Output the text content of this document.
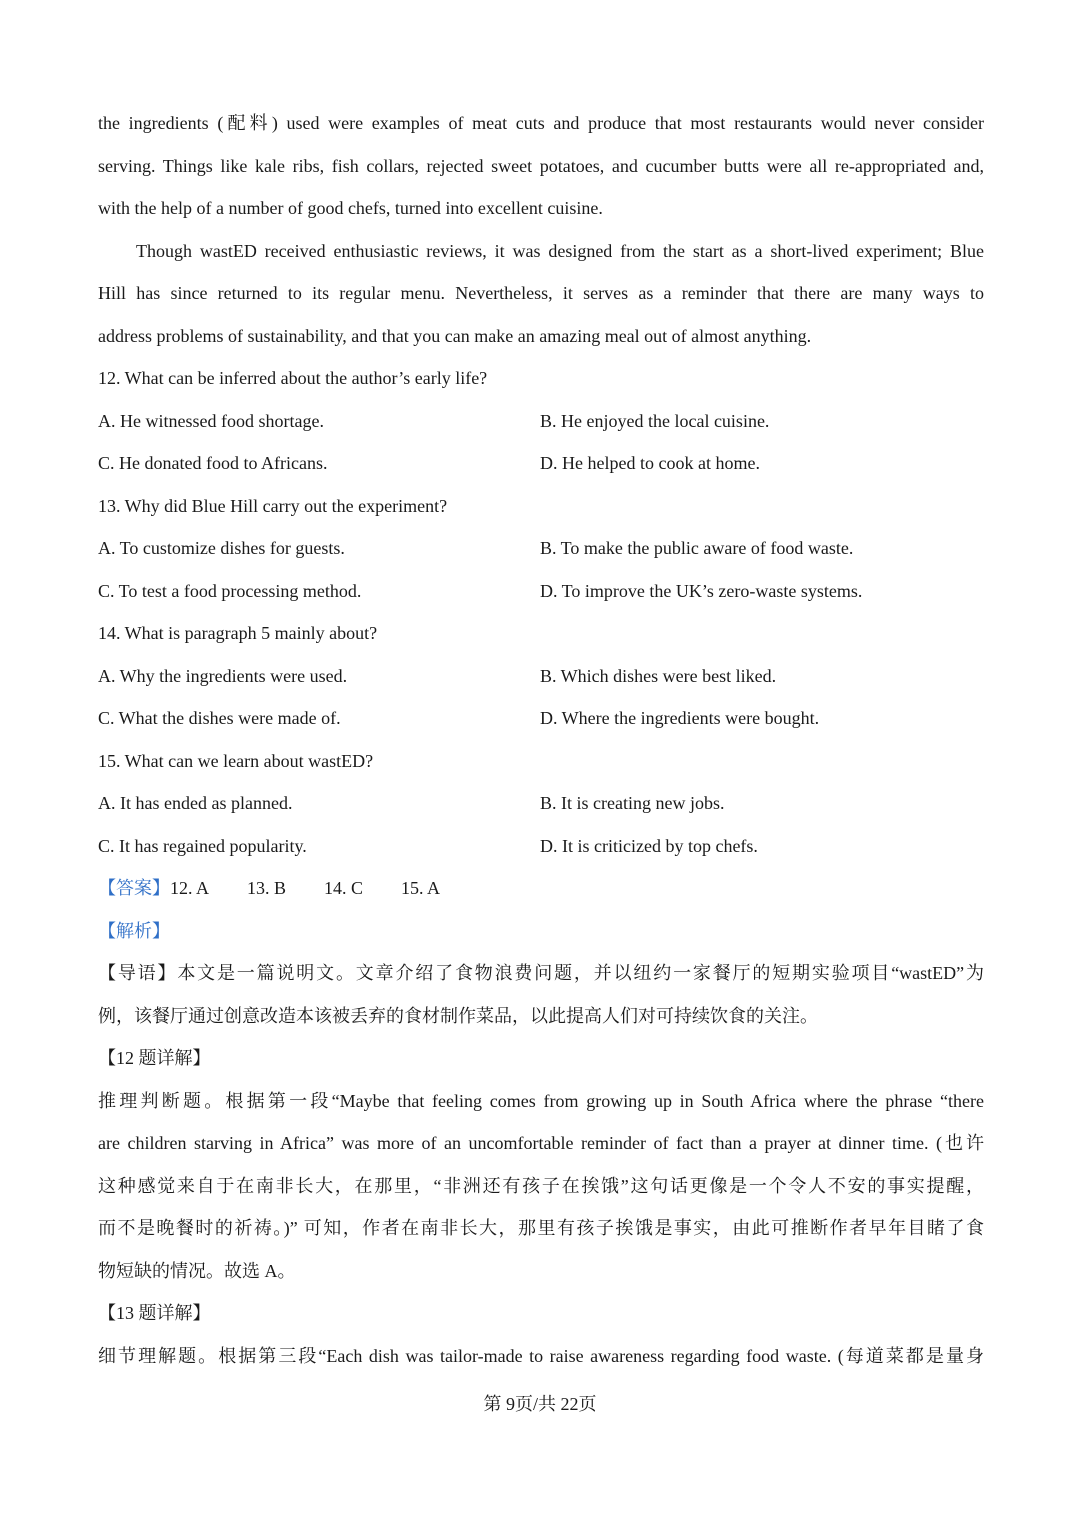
the ingredients (配料) used were examples of meat cuts and produce that most restaurants would never consider
serving. Things like kale ribs, fish collars, rejected sweet potatoes, and cucumber butts were all re-appropriated and,
with the help of a number of good chefs, turned into excellent cuisine.
Though wastED received enthusiastic reviews, it was designed from the start as a short-lived experiment; Blue
Hill has since returned to its regular menu. Nevertheless, it serves as a reminder that there are many ways to
address problems of sustainability, and that you can make an amazing meal out of almost anything.
12. What can be inferred about the author’s early life?
A. He witnessed food shortage.	B. He enjoyed the local cuisine.
C. He donated food to Africans.	D. He helped to cook at home.
13. Why did Blue Hill carry out the experiment?
A. To customize dishes for guests.	B. To make the public aware of food waste.
C. To test a food processing method.	D. To improve the UK’s zero-waste systems.
14. What is paragraph 5 mainly about?
A. Why the ingredients were used.	B. Which dishes were best liked.
C. What the dishes were made of.	D. Where the ingredients were bought.
15. What can we learn about wastED?
A. It has ended as planned.	B. It is creating new jobs.
C. It has regained popularity.	D. It is criticized by top chefs.
【答案】12. A 13. B 14. C 15. A
【解析】
【导语】本文是一篇说明文。文章介绍了食物浪费问题，并以纽约一家餐厅的短期实验项目“wastED”为
例，该餐厅通过创意改造本该被丢弃的食材制作菜品，以此提高人们对可持续饮食的关注。
【12 题详解】
推理判断题。根据第一段“Maybe that feeling comes from growing up in South Africa where the phrase “there
are children starving in Africa” was more of an uncomfortable reminder of fact than a prayer at dinner time. (也许
这种感觉来自于在南非长大，在那里，“非洲还有孩子在挨饿”这句话更像是一个令人不安的事实提醒，
而不是晚餐时的祈祷。)” 可知，作者在南非长大，那里有孩子挨饿是事实，由此可推断作者早年目睹了食
物短缺的情况。故选 A。
【13 题详解】
细节理解题。根据第三段“Each dish was tailor-made to raise awareness regarding food waste. (每道菜都是量身
第 9页/共 22页
